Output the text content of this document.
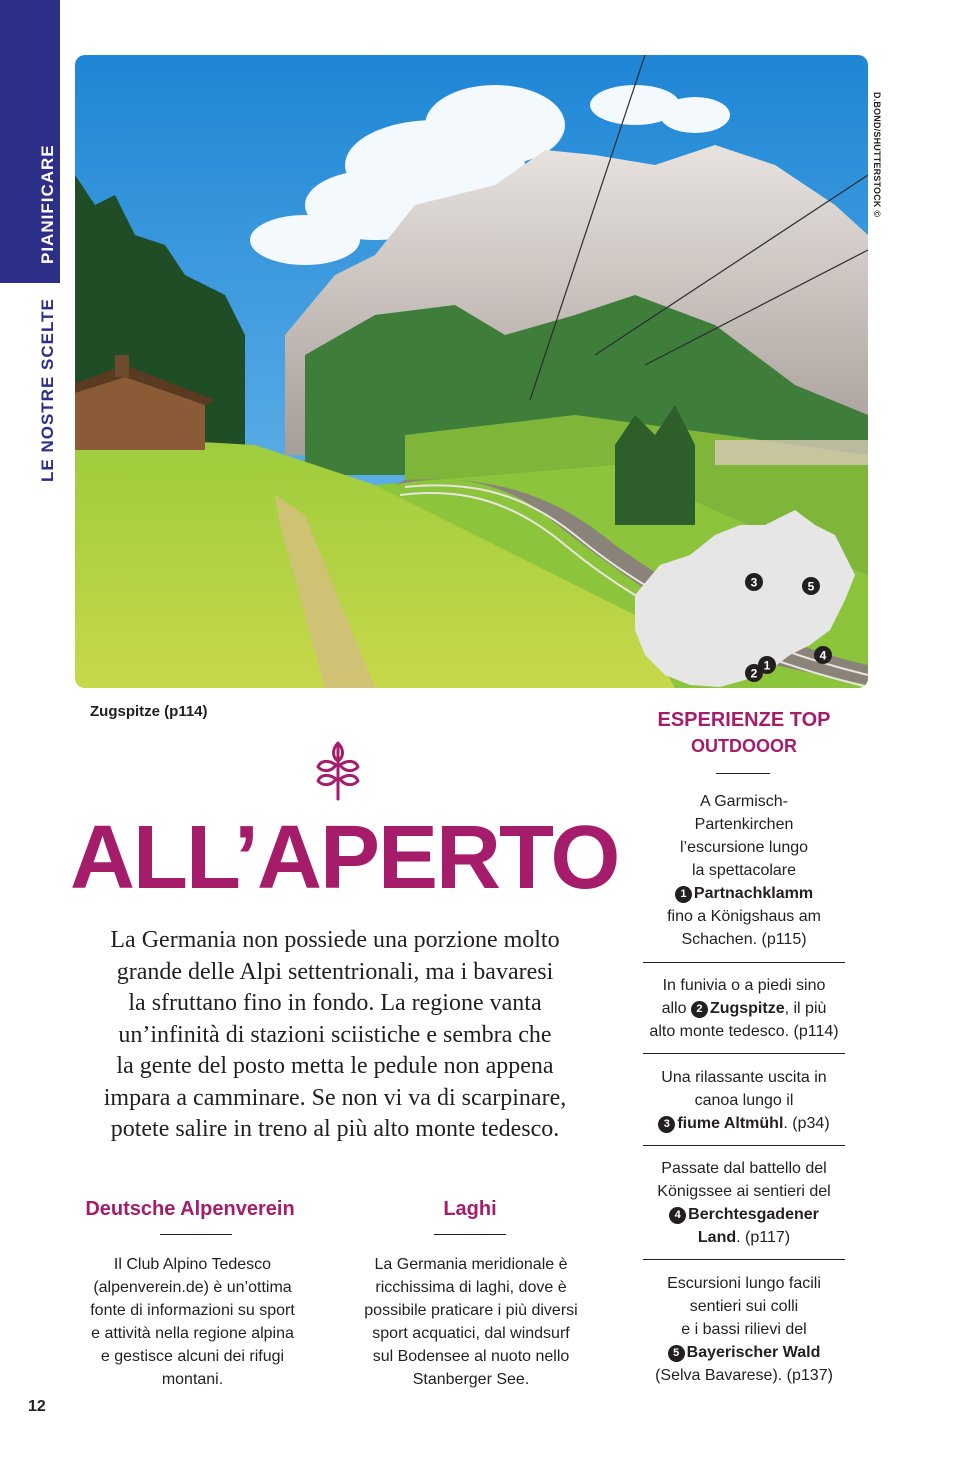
PIANIFICARE
LE NOSTRE SCELTE
3	5
4
1
2
D.BOND/SHUTTERSTOCK ©
Zugspitze (p114)
ALL’APERTO
La Germania non possiede una porzione molto
grande delle Alpi settentrionali, ma i bavaresi
la sfruttano fino in fondo. La regione vanta
un’infinità di stazioni sciistiche e sembra che
la gente del posto metta le pedule non appena
impara a camminare. Se non vi va di scarpinare,
potete salire in treno al più alto monte tedesco.
Deutsche Alpenverein
Il Club Alpino Tedesco
(alpenverein.de) è un’ottima
fonte di informazioni su sport
e attività nella regione alpina
e gestisce alcuni dei rifugi
montani.
Laghi
La Germania meridionale è
ricchissima di laghi, dove è
possibile praticare i più diversi
sport acquatici, dal windsurf
sul Bodensee al nuoto nello
Stanberger See.
ESPERIENZE TOP
OUTDOOOR
A Garmisch-
Partenkirchen
l’escursione lungo
la spettacolare
1 Partnachklamm
fino a Königshaus am
Schachen. (p115)
In funivia o a piedi sino
allo 2 Zugspitze, il più
alto monte tedesco. (p114)
Una rilassante uscita in
canoa lungo il
3 fiume Altmühl. (p34)
Passate dal battello del
Königssee ai sentieri del
4 Berchtesgadener
Land. (p117)
Escursioni lungo facili
sentieri sui colli
e i bassi rilievi del
5 Bayerischer Wald
(Selva Bavarese). (p137)
12
